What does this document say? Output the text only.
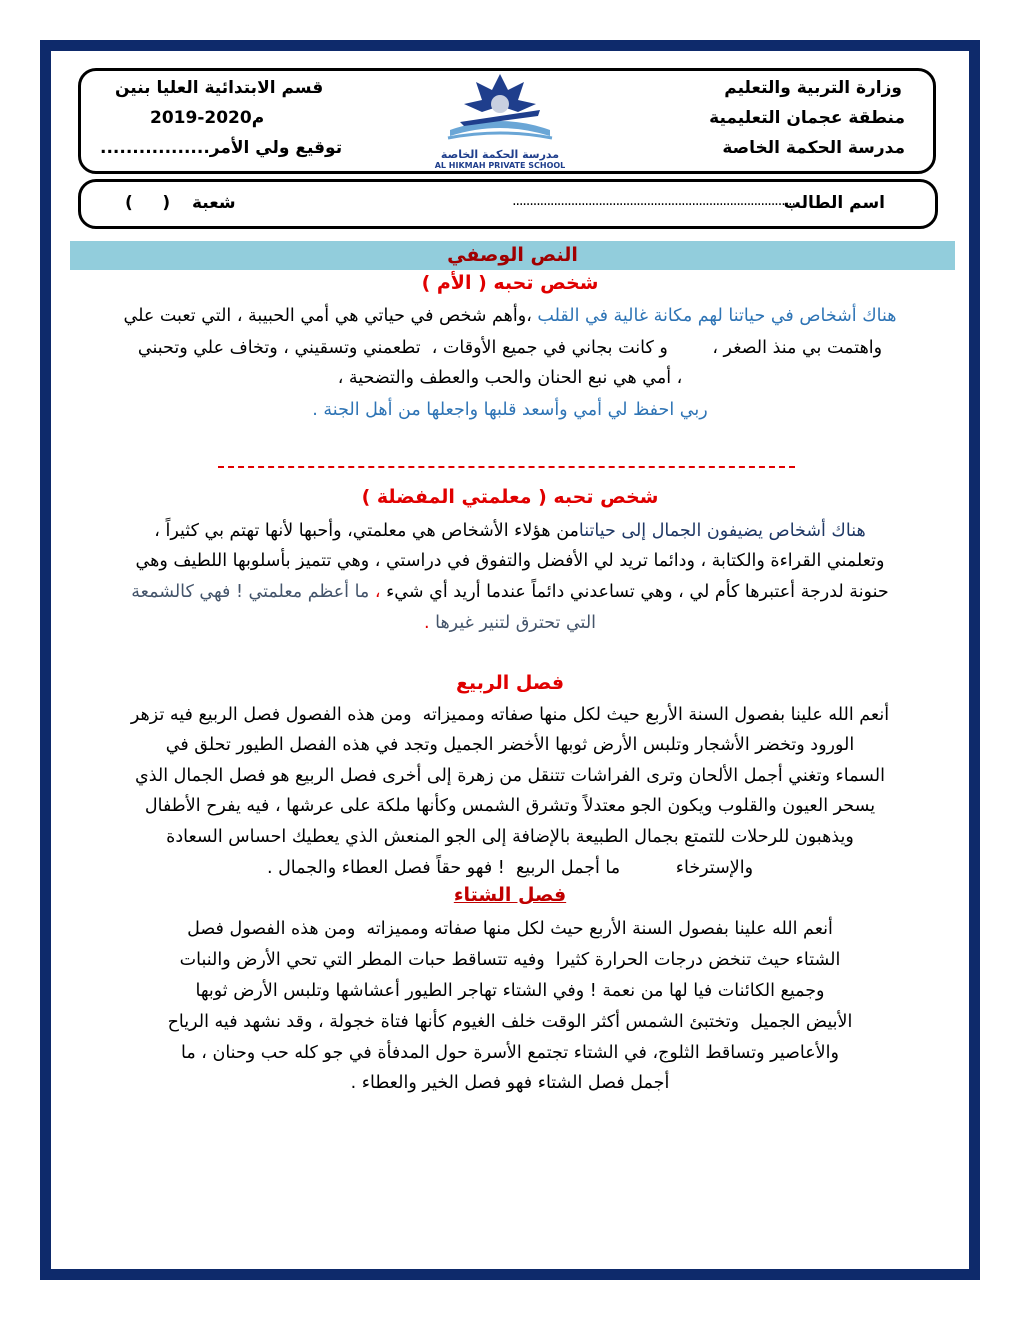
وزارة التربية والتعليم
منطقة عجمان التعليمية
مدرسة الحكمة الخاصة
قسم الابتدائية العليا بنين
2019-2020م
توقيع ولي الأمر.................	مدرسة الحكمة الخاصة
AL HIKMAH PRIVATE SCHOOL
اسم الطالب
..................................................................................
شعبة
(     )
النص الوصفي
شخص تحبه ( الأم )
هناك أشخاص في حياتنا لهم مكانة غالية في القلب ،وأهم شخص في حياتي هي أمي الحبيبة ، التي تعبت علي
واهتمت بي منذ الصغر ،        و كانت بجاني في جميع الأوقات ،  تطعمني وتسقيني ، وتخاف علي وتحبني
، أمي هي نبع الحنان والحب والعطف والتضحية ،
ربي احفظ لي أمي وأسعد قلبها واجعلها من أهل الجنة .
شخص تحبه ( معلمتي المفضلة )
هناك أشخاص يضيفون الجمال إلى حياتنامن هؤلاء الأشخاص هي معلمتي، وأحبها لأنها تهتم بي كثيراً ،
وتعلمني القراءة والكتابة ، ودائما تريد لي الأفضل والتفوق في دراستي ، وهي تتميز بأسلوبها اللطيف وهي
حنونة لدرجة أعتبرها كأم لي ، وهي تساعدني دائماً عندما أريد أي شيء ، ما أعظم معلمتي ! فهي كالشمعة
التي تحترق لتنير غيرها .
فصل الربيع
أنعم الله علينا بفصول السنة الأربع حيث لكل منها صفاته ومميزاته  ومن هذه الفصول فصل الربيع فيه تزهر
الورود وتخضر الأشجار وتلبس الأرض ثوبها الأخضر الجميل وتجد في هذه الفصل الطيور تحلق في
السماء وتغني أجمل الألحان وترى الفراشات تتنقل من زهرة إلى أخرى فصل الربيع هو فصل الجمال الذي
يسحر العيون والقلوب ويكون الجو معتدلاً وتشرق الشمس وكأنها ملكة على عرشها ، فيه يفرح الأطفال
ويذهبون للرحلات للتمتع بجمال الطبيعة بالإضافة إلى الجو المنعش الذي يعطيك احساس السعادة
والإسترخاء          ما أجمل الربيع  ! فهو حقاً فصل العطاء والجمال .
فصل الشتاء
أنعم الله علينا بفصول السنة الأربع حيث لكل منها صفاته ومميزاته  ومن هذه الفصول فصل
الشتاء حيث تنخض درجات الحرارة كثيرا  وفيه تتساقط حبات المطر التي تحي الأرض والنبات
وجميع الكائنات فيا لها من نعمة ! وفي الشتاء تهاجر الطيور أعشاشها وتلبس الأرض ثوبها
الأبيض الجميل  وتختبئ الشمس أكثر الوقت خلف الغيوم كأنها فتاة خجولة ، وقد نشهد فيه الرياح
والأعاصير وتساقط الثلوج، في الشتاء تجتمع الأسرة حول المدفأة في جو كله حب وحنان ، ما
أجمل فصل الشتاء فهو فصل الخير والعطاء .
